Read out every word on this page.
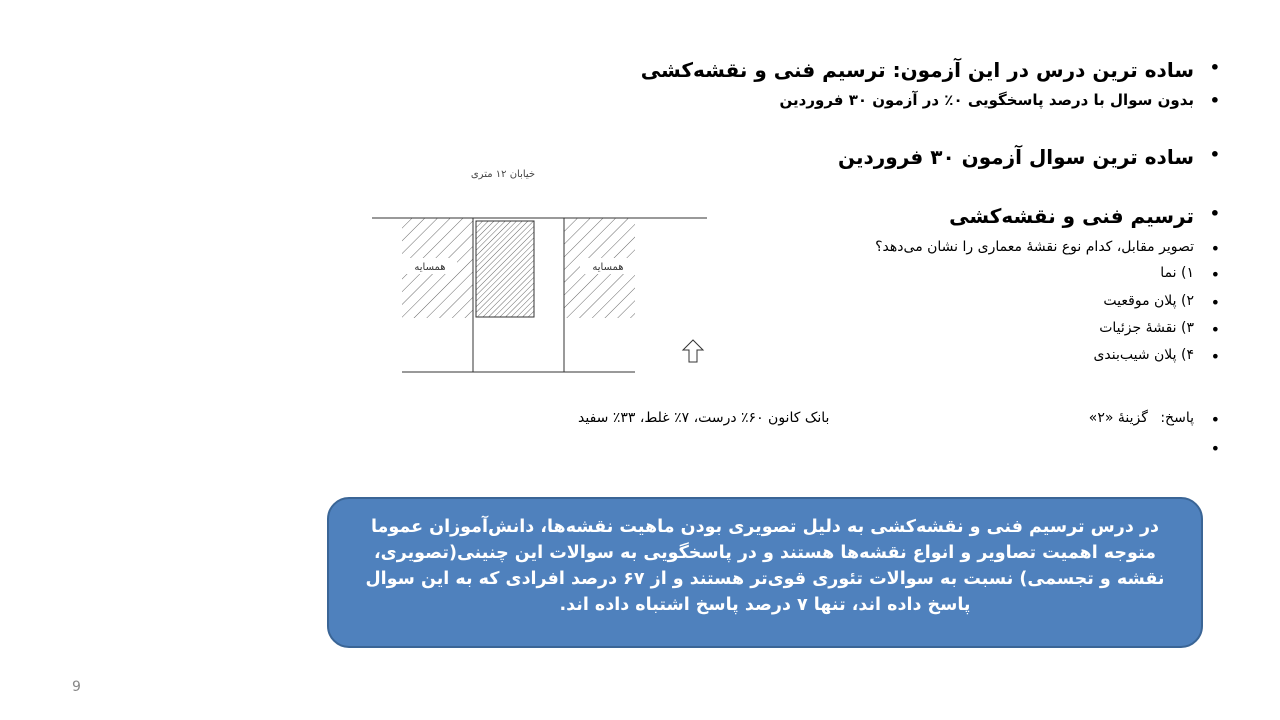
•
ساده ترین درس در این آزمون: ترسیم فنی و نقشه‌کشی
•
بدون سوال با درصد پاسخگویی ۰٪ در آزمون ۳۰ فروردین
•
ساده ترین سوال آزمون ۳۰ فروردین
•
ترسیم فنی و نقشه‌کشی
•
تصویر مقابل، کدام نوع نقشهٔ معماری را نشان می‌دهد؟
•
۱) نما
•
۲) پلان موقعیت
•
۳) نقشهٔ جزئیات
•
۴) پلان شیب‌بندی
•
پاسخ: گزینهٔ «۲»
بانک کانون ۶۰٪ درست، ۷٪ غلط، ۳۳٪ سفید
•
خیابان ۱۲ متری
همسایه	همسایه
در درس ترسیم فنی و نقشه‌کشی به دلیل تصویری بودن ماهیت نقشه‌ها، دانش‌آموزان عموما متوجه اهمیت تصاویر و انواع نقشه‌ها هستند و در پاسخگویی به سوالات این چنینی(تصویری، نقشه و تجسمی) نسبت به سوالات تئوری قوی‌تر هستند و از ۶۷ درصد افرادی که به این سوال پاسخ داده اند، تنها ۷ درصد پاسخ اشتباه داده اند.
9
